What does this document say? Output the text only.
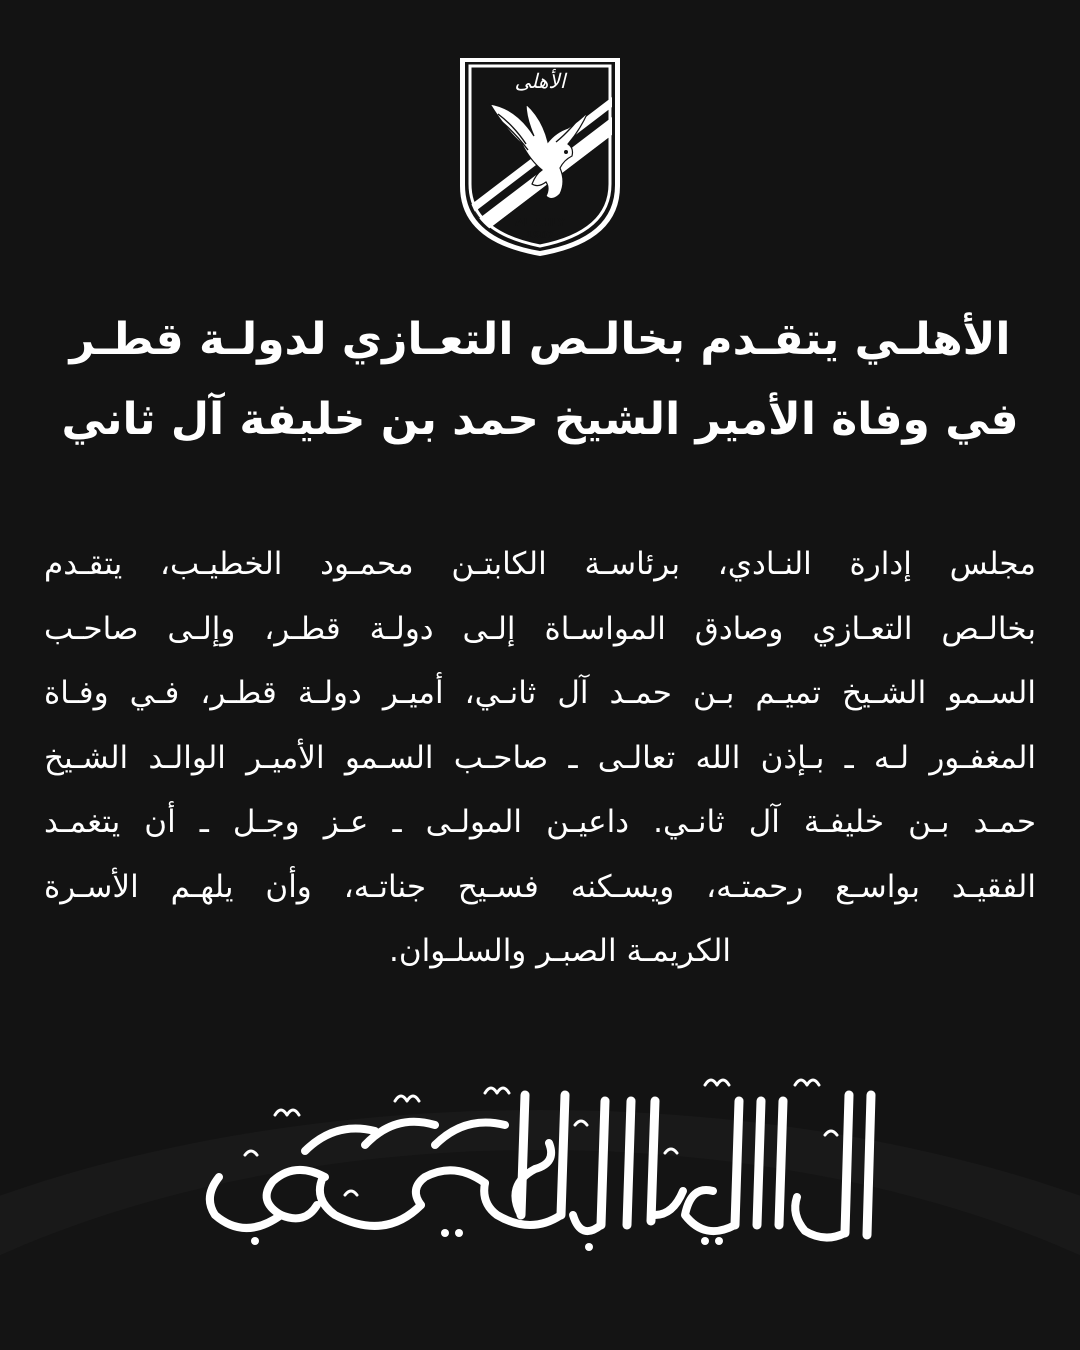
الأهلى
AL AHLY
1907
الأهلـي يتقـدم بخالـص التعـازي لدولـة قطـر
في وفاة الأمير الشيخ حمد بن خليفة آل ثاني
مجلس إدارة النـادي، برئاسـة الكابتـن محمـود الخطيـب، يتقـدم
بخالـص التعـازي وصادق المواسـاة إلـى دولـة قطـر، وإلـى صاحـب
السـمو الشـيخ تميـم بـن حمـد آل ثانـي، أميـر دولـة قطـر، فـي وفـاة
المغفـور لـه ـ بـإذن الله تعالـى ـ صاحـب السـمو الأميـر الوالـد الشـيخ
حمـد بـن خليفـة آل ثانـي. داعيـن المولـى ـ عـز وجـل ـ أن يتغمـد
الفقيـد بواسـع رحمتـه، ويسـكنه فسـيح جناتـه، وأن يلهـم الأسـرة
الكريمـة الصبـر والسلـوان.
